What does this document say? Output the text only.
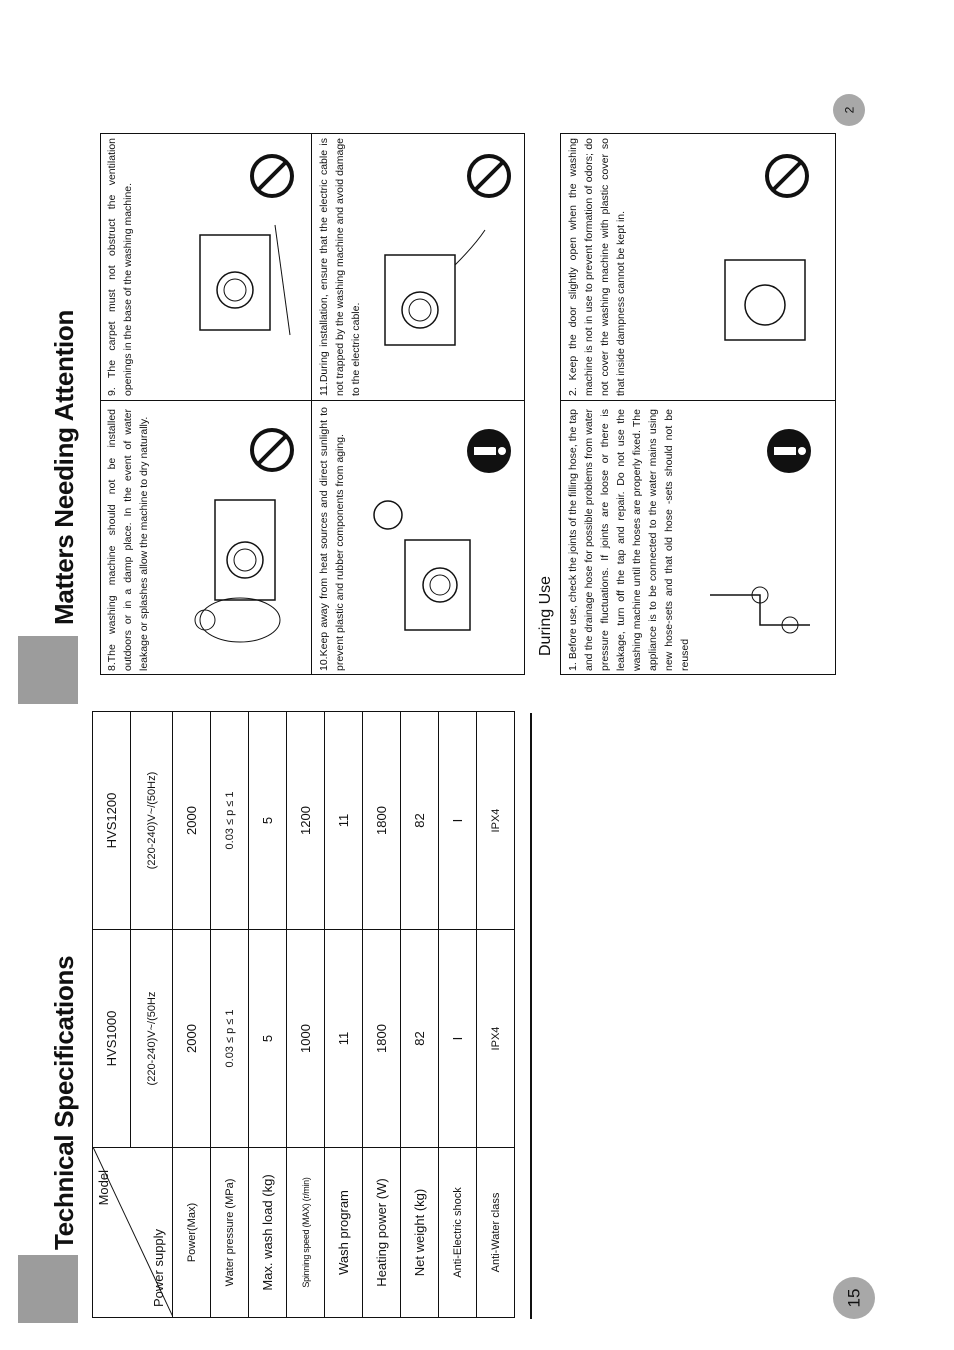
15
2
Technical Specifications
Matters Needing Attention
Model
Power supply	HVS1000	HVS1200
	(220-240)V~/(50Hz	(220-240)V~/(50Hz)
Power(Max)	2000	2000
Water pressure (MPa)	0.03 ≤ p ≤ 1	0.03 ≤ p ≤ 1
Max. wash load (kg)	5	5
Spinning speed (MAX) (r/min)	1000	1200
Wash program	11	11
Heating power (W)	1800	1800
Net weight (kg)	82	82
Anti-Electric shock	I	I
Anti-Water class	IPX4	IPX4
8.The washing machine should not be installed outdoors or in a damp place. In the event of water leakage or splashes allow the machine to dry naturally.
9. The carpet must not obstruct the ventilation openings in the base of the washing machine.
10.Keep away from heat sources and direct sunlight to prevent plastic and rubber components from aging.
11.During installation, ensure that the electric cable is not trapped by the washing machine and avoid damage to the electric cable.
During Use 1. Before use, check the joints of the filling hose, the tap and the drainage hose for possible problems from water pressure fluctuations. If joints are loose or there is leakage, turn off the tap and repair. Do not use the washing machine until the hoses are properly fixed. The appliance is to be connected to the water mains using new hose-sets and that old hose -sets should not be reused
2. Keep the door slightly open when the washing machine is not in use to prevent formation of odors; do not cover the washing machine with plastic cover so that inside dampness cannot be kept in.
